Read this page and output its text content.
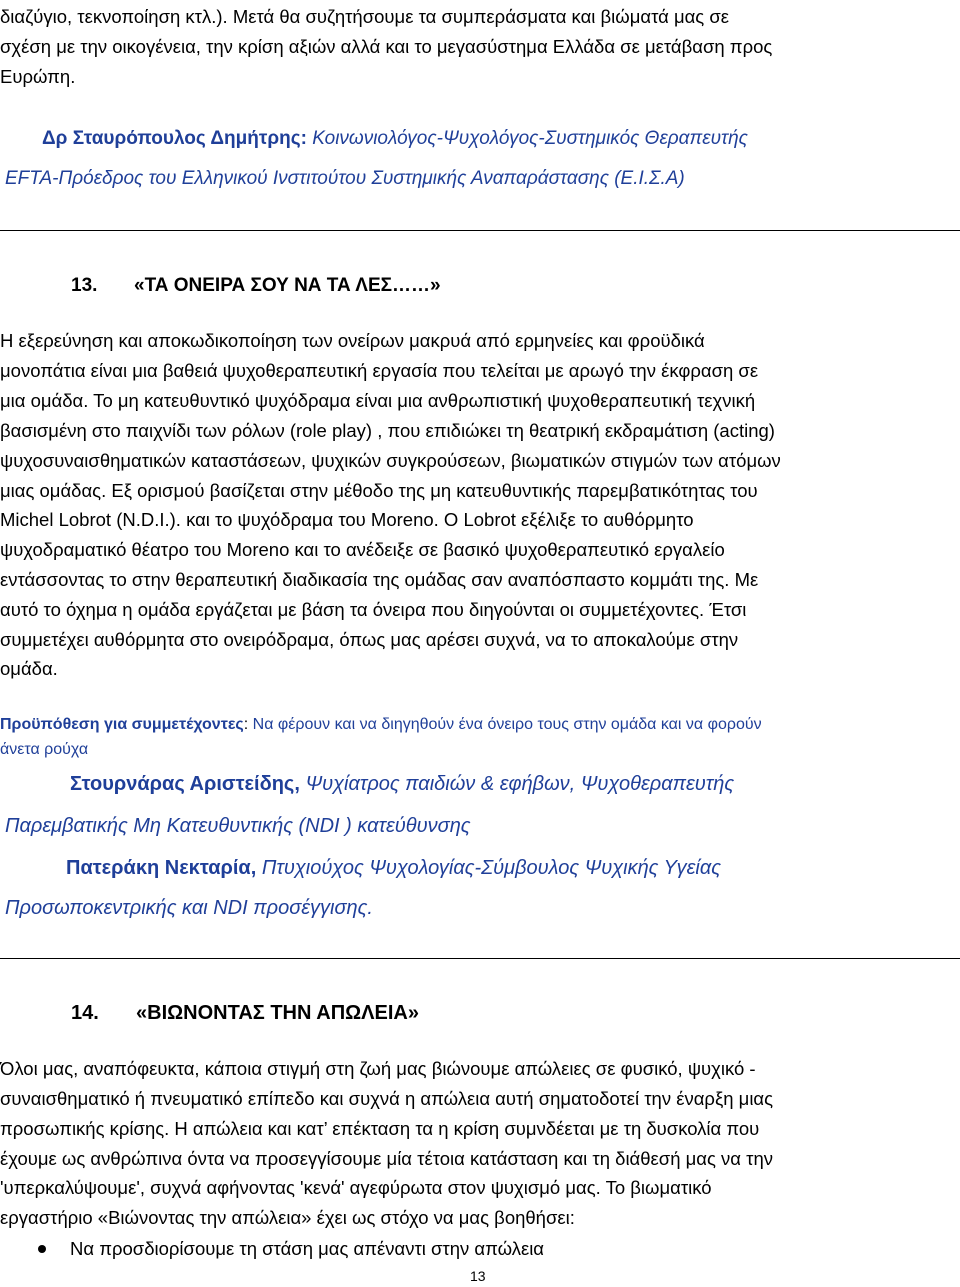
διαζύγιο, τεκνοποίηση κτλ.). Μετά θα συζητήσουμε τα συμπεράσματα και βιώματά μας σε
σχέση με την οικογένεια, την κρίση αξιών αλλά και το μεγασύστημα Ελλάδα σε μετάβαση προς
Ευρώπη.
Δρ Σταυρόπουλος Δημήτρης: Κοινωνιολόγος-Ψυχολόγος-Συστημικός Θεραπευτής
EFTA-Πρόεδρος του Ελληνικού Ινστιτούτου Συστημικής Αναπαράστασης (Ε.Ι.Σ.Α)
13. «ΤΑ ΟΝΕΙΡΑ ΣΟΥ ΝΑ ΤΑ ΛΕΣ……»
Η εξερεύνηση και αποκωδικοποίηση των ονείρων μακρυά από ερμηνείες και φροϋδικά
μονοπάτια είναι μια βαθειά ψυχοθεραπευτική εργασία που τελείται με αρωγό την έκφραση σε
μια ομάδα. Το μη κατευθυντικό ψυχόδραμα είναι μια ανθρωπιστική ψυχοθεραπευτική τεχνική
βασισμένη στο παιχνίδι των ρόλων (role play) , που επιδιώκει τη θεατρική εκδραμάτιση (acting)
ψυχοσυναισθηματικών καταστάσεων, ψυχικών συγκρούσεων, βιωματικών στιγμών των ατόμων
μιας ομάδας. Εξ ορισμού βασίζεται στην μέθοδο της μη κατευθυντικής παρεμβατικότητας του
Michel Lobrot (N.D.I.). και το ψυχόδραμα του Moreno. O Lobrot εξέλιξε το αυθόρμητο
ψυχοδραματικό θέατρο του Moreno και το ανέδειξε σε βασικό ψυχοθεραπευτικό εργαλείο
εντάσσοντας το στην θεραπευτική διαδικασία της ομάδας σαν αναπόσπαστο κομμάτι της. Με
αυτό το όχημα η ομάδα εργάζεται με βάση τα όνειρα που διηγούνται οι συμμετέχοντες. Έτσι
συμμετέχει αυθόρμητα στο ονειρόδραμα, όπως μας αρέσει συχνά, να το αποκαλούμε στην
ομάδα.
Προϋπόθεση για συμμετέχοντες: Να φέρουν και να διηγηθούν ένα όνειρο τους στην ομάδα και να φορούν
άνετα ρούχα
Στουρνάρας Αριστείδης, Ψυχίατρος παιδιών & εφήβων, Ψυχοθεραπευτής
Παρεμβατικής Μη Κατευθυντικής (NDI ) κατεύθυνσης
Πατεράκη Νεκταρία, Πτυχιούχος Ψυχολογίας-Σύμβουλος Ψυχικής Υγείας
Προσωποκεντρικής και NDI προσέγγισης.
14. «ΒΙΩΝΟΝΤΑΣ ΤΗΝ ΑΠΩΛΕΙΑ»
Όλοι μας, αναπόφευκτα, κάποια στιγμή στη ζωή μας βιώνουμε απώλειες σε φυσικό, ψυχικό -
συναισθηματικό ή πνευματικό επίπεδο και συχνά η απώλεια αυτή σηματοδοτεί την έναρξη μιας
προσωπικής κρίσης. Η απώλεια και κατ’ επέκταση τα η κρίση συμνδέεται με τη δυσκολία που
έχουμε ως ανθρώπινα όντα να προσεγγίσουμε μία τέτοια κατάσταση και τη διάθεσή μας να την
'υπερκαλύψουμε', συχνά αφήνοντας 'κενά' αγεφύρωτα στον ψυχισμό μας. Το βιωματικό
εργαστήριο «Βιώνοντας την απώλεια» έχει ως στόχο να μας βοηθήσει:
Να προσδιορίσουμε τη στάση μας απέναντι στην απώλεια
13
